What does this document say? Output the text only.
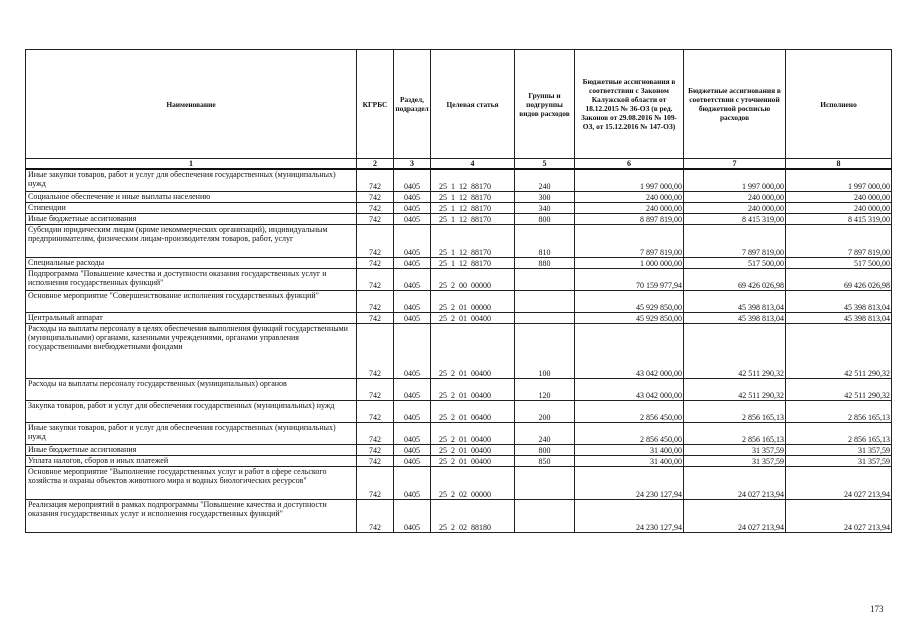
Наименование	КГРБС	Раздел, подраздел	Целевая статья	Группы и подгруппы видов расходов	Бюджетные ассигнования в соответствии с Законом Калужской области от 18.12.2015 № 36-ОЗ (в ред. Законов от 29.08.2016 № 109-ОЗ, от 15.12.2016 № 147-ОЗ)	Бюджетные ассигнования в соответствии с уточненной бюджетной росписью расходов	Исполнено
1	2	3	4	5	6	7	8
Иные закупки товаров, работ и услуг для обеспечения государственных (муниципальных) нужд	742	0405	25  1  12  88170	240	1 997 000,00	1 997 000,00	1 997 000,00
Социальное обеспечение и иные выплаты населению	742	0405	25  1  12  88170	300	240 000,00	240 000,00	240 000,00
Стипендии	742	0405	25  1  12  88170	340	240 000,00	240 000,00	240 000,00
Иные бюджетные ассигнования	742	0405	25  1  12  88170	800	8 897 819,00	8 415 319,00	8 415 319,00
Субсидии юридическим лицам (кроме некоммерческих организаций), индивидуальным предпринимателям, физическим лицам-производителям товаров, работ, услуг	742	0405	25  1  12  88170	810	7 897 819,00	7 897 819,00	7 897 819,00
Специальные расходы	742	0405	25  1  12  88170	880	1 000 000,00	517 500,00	517 500,00
Подпрограмма "Повышение качества и доступности оказания государственных услуг и исполнения государственных функций"	742	0405	25  2  00  00000		70 159 977,94	69 426 026,98	69 426 026,98
Основное мероприятие "Совершенствование исполнения государственных функций"	742	0405	25  2  01  00000		45 929 850,00	45 398 813,04	45 398 813,04
Центральный аппарат	742	0405	25  2  01  00400		45 929 850,00	45 398 813,04	45 398 813,04
Расходы на выплаты персоналу в целях обеспечения выполнения функций государственными (муниципальными) органами, казенными учреждениями, органами управления государственными внебюджетными фондами	742	0405	25  2  01  00400	100	43 042 000,00	42 511 290,32	42 511 290,32
Расходы на выплаты персоналу государственных (муниципальных) органов	742	0405	25  2  01  00400	120	43 042 000,00	42 511 290,32	42 511 290,32
Закупка товаров, работ и услуг для обеспечения государственных (муниципальных) нужд	742	0405	25  2  01  00400	200	2 856 450,00	2 856 165,13	2 856 165,13
Иные закупки товаров, работ и услуг для обеспечения государственных (муниципальных) нужд	742	0405	25  2  01  00400	240	2 856 450,00	2 856 165,13	2 856 165,13
Иные бюджетные ассигнования	742	0405	25  2  01  00400	800	31 400,00	31 357,59	31 357,59
Уплата налогов, сборов и иных платежей	742	0405	25  2  01  00400	850	31 400,00	31 357,59	31 357,59
Основное мероприятие "Выполнение государственных услуг и работ в сфере сельского хозяйства и охраны объектов животного мира и водных биологических ресурсов"	742	0405	25  2  02  00000		24 230 127,94	24 027 213,94	24 027 213,94
Реализация мероприятий в рамках подпрограммы "Повышение качества и доступности оказания государственных услуг и исполнения государственных функций"	742	0405	25  2  02  88180		24 230 127,94	24 027 213,94	24 027 213,94
173
